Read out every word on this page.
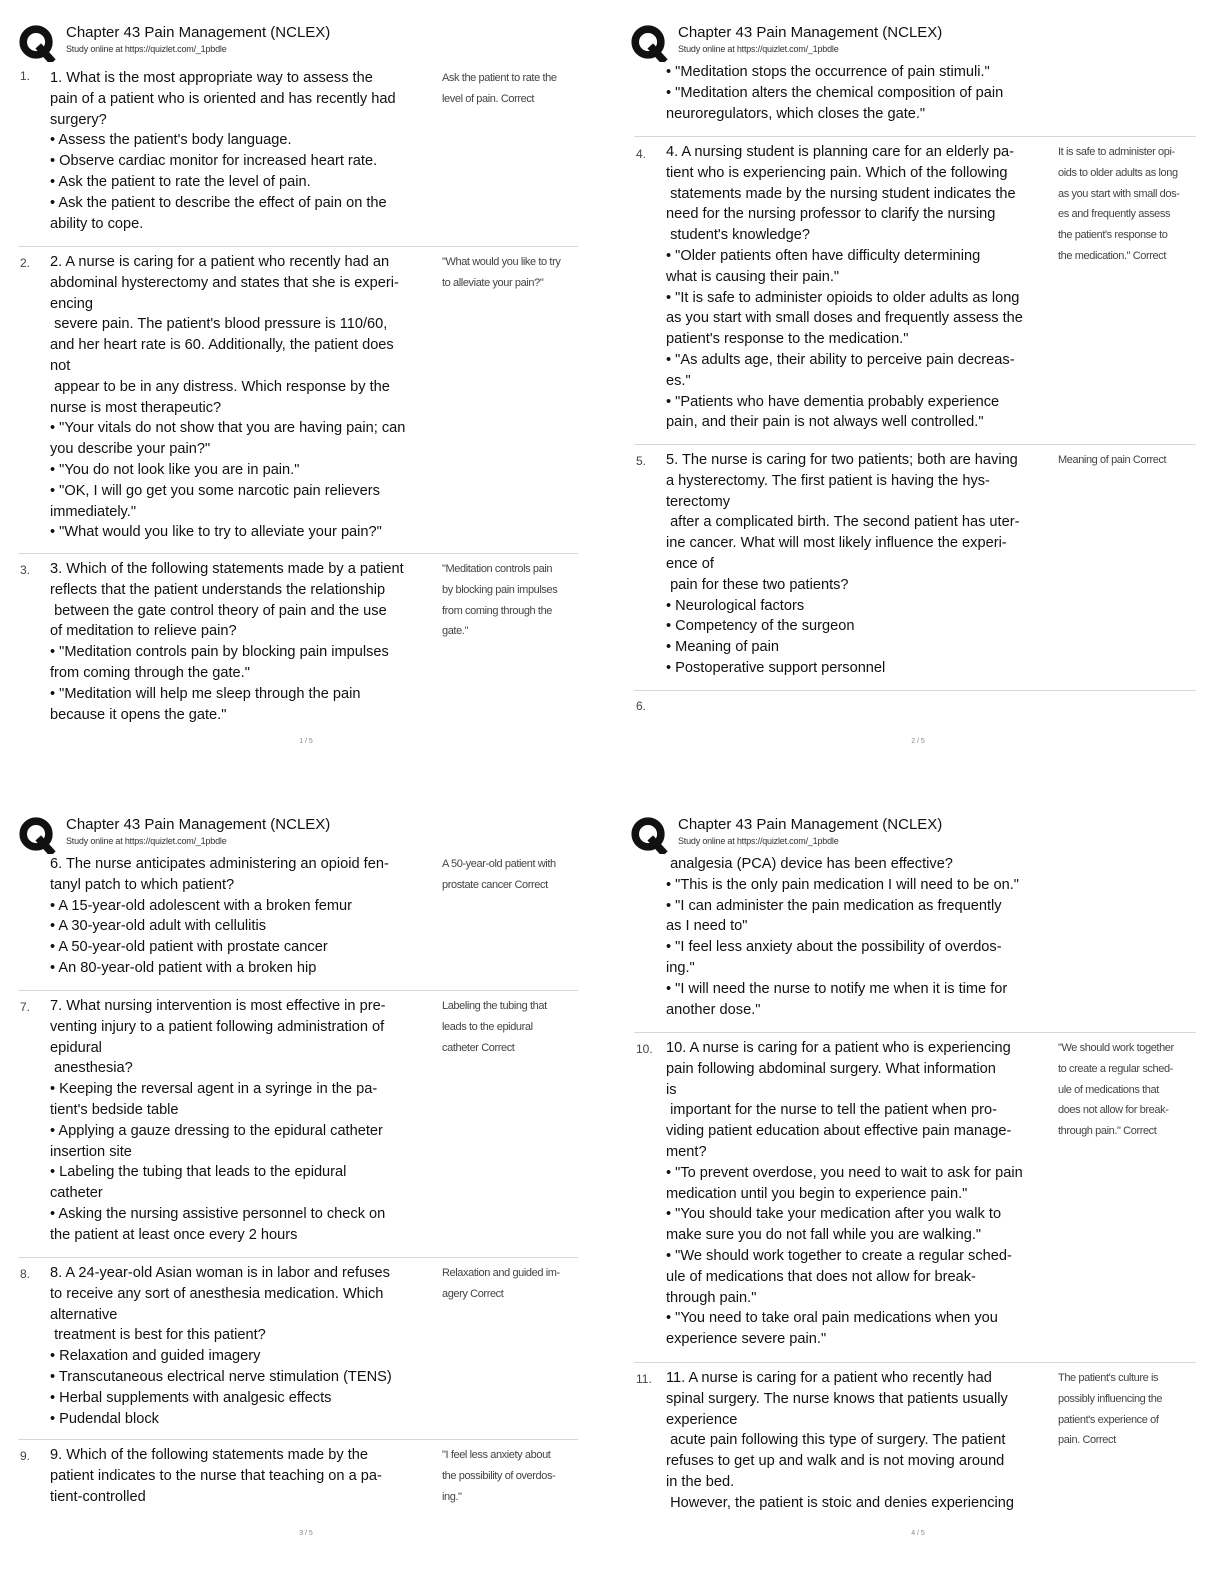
Chapter 43 Pain Management (NCLEX)
Study online at https://quizlet.com/_1pbdle
1. 1. What is the most appropriate way to assess the
pain of a patient who is oriented and has recently had
surgery?
• Assess the patient's body language.
• Observe cardiac monitor for increased heart rate.
• Ask the patient to rate the level of pain.
• Ask the patient to describe the effect of pain on the
ability to cope.
Ask the patient to rate the
level of pain. Correct
2. 2. A nurse is caring for a patient who recently had an
abdominal hysterectomy and states that she is experi-
encing
severe pain. The patient's blood pressure is 110/60,
and her heart rate is 60. Additionally, the patient does
not
appear to be in any distress. Which response by the
nurse is most therapeutic?
• "Your vitals do not show that you are having pain; can
you describe your pain?"
• "You do not look like you are in pain."
• "OK, I will go get you some narcotic pain relievers
immediately."
• "What would you like to try to alleviate your pain?"
"What would you like to try
to alleviate your pain?"
3. 3. Which of the following statements made by a patient
reflects that the patient understands the relationship
between the gate control theory of pain and the use
of meditation to relieve pain?
• "Meditation controls pain by blocking pain impulses
from coming through the gate."
• "Meditation will help me sleep through the pain
because it opens the gate."
"Meditation controls pain
by blocking pain impulses
from coming through the
gate."
1 / 5
Chapter 43 Pain Management (NCLEX)
Study online at https://quizlet.com/_1pbdle
• "Meditation stops the occurrence of pain stimuli."
• "Meditation alters the chemical composition of pain
neuroregulators, which closes the gate."
4. 4. A nursing student is planning care for an elderly pa-
tient who is experiencing pain. Which of the following
statements made by the nursing student indicates the
need for the nursing professor to clarify the nursing
student's knowledge?
• "Older patients often have difficulty determining
what is causing their pain."
• "It is safe to administer opioids to older adults as long
as you start with small doses and frequently assess the
patient's response to the medication."
• "As adults age, their ability to perceive pain decreas-
es."
• "Patients who have dementia probably experience
pain, and their pain is not always well controlled."
It is safe to administer opi-
oids to older adults as long
as you start with small dos-
es and frequently assess
the patient's response to
the medication." Correct
5. 5. The nurse is caring for two patients; both are having
a hysterectomy. The first patient is having the hys-
terectomy
after a complicated birth. The second patient has uter-
ine cancer. What will most likely influence the experi-
ence of
pain for these two patients?
• Neurological factors
• Competency of the surgeon
• Meaning of pain
• Postoperative support personnel
Meaning of pain Correct
6.
2 / 5
Chapter 43 Pain Management (NCLEX)
Study online at https://quizlet.com/_1pbdle
6. The nurse anticipates administering an opioid fen-
tanyl patch to which patient?
• A 15-year-old adolescent with a broken femur
• A 30-year-old adult with cellulitis
• A 50-year-old patient with prostate cancer
• An 80-year-old patient with a broken hip
A 50-year-old patient with
prostate cancer Correct
7. 7. What nursing intervention is most effective in pre-
venting injury to a patient following administration of
epidural
anesthesia?
• Keeping the reversal agent in a syringe in the pa-
tient's bedside table
• Applying a gauze dressing to the epidural catheter
insertion site
• Labeling the tubing that leads to the epidural
catheter
• Asking the nursing assistive personnel to check on
the patient at least once every 2 hours
Labeling the tubing that
leads to the epidural
catheter Correct
8. 8. A 24-year-old Asian woman is in labor and refuses
to receive any sort of anesthesia medication. Which
alternative
treatment is best for this patient?
• Relaxation and guided imagery
• Transcutaneous electrical nerve stimulation (TENS)
• Herbal supplements with analgesic effects
• Pudendal block
Relaxation and guided im-
agery Correct
9. 9. Which of the following statements made by the
patient indicates to the nurse that teaching on a pa-
tient-controlled
"I feel less anxiety about
the possibility of overdos-
ing."
3 / 5
Chapter 43 Pain Management (NCLEX)
Study online at https://quizlet.com/_1pbdle
analgesia (PCA) device has been effective?
• "This is the only pain medication I will need to be on."
• "I can administer the pain medication as frequently
as I need to"
• "I feel less anxiety about the possibility of overdos-
ing."
• "I will need the nurse to notify me when it is time for
another dose."
10. 10. A nurse is caring for a patient who is experiencing
pain following abdominal surgery. What information
is
important for the nurse to tell the patient when pro-
viding patient education about effective pain manage-
ment?
• "To prevent overdose, you need to wait to ask for pain
medication until you begin to experience pain."
• "You should take your medication after you walk to
make sure you do not fall while you are walking."
• "We should work together to create a regular sched-
ule of medications that does not allow for break-
through pain."
• "You need to take oral pain medications when you
experience severe pain."
"We should work together
to create a regular sched-
ule of medications that
does not allow for break-
through pain." Correct
11. 11. A nurse is caring for a patient who recently had
spinal surgery. The nurse knows that patients usually
experience
acute pain following this type of surgery. The patient
refuses to get up and walk and is not moving around
in the bed.
However, the patient is stoic and denies experiencing
The patient's culture is
possibly influencing the
patient's experience of
pain. Correct
4 / 5
